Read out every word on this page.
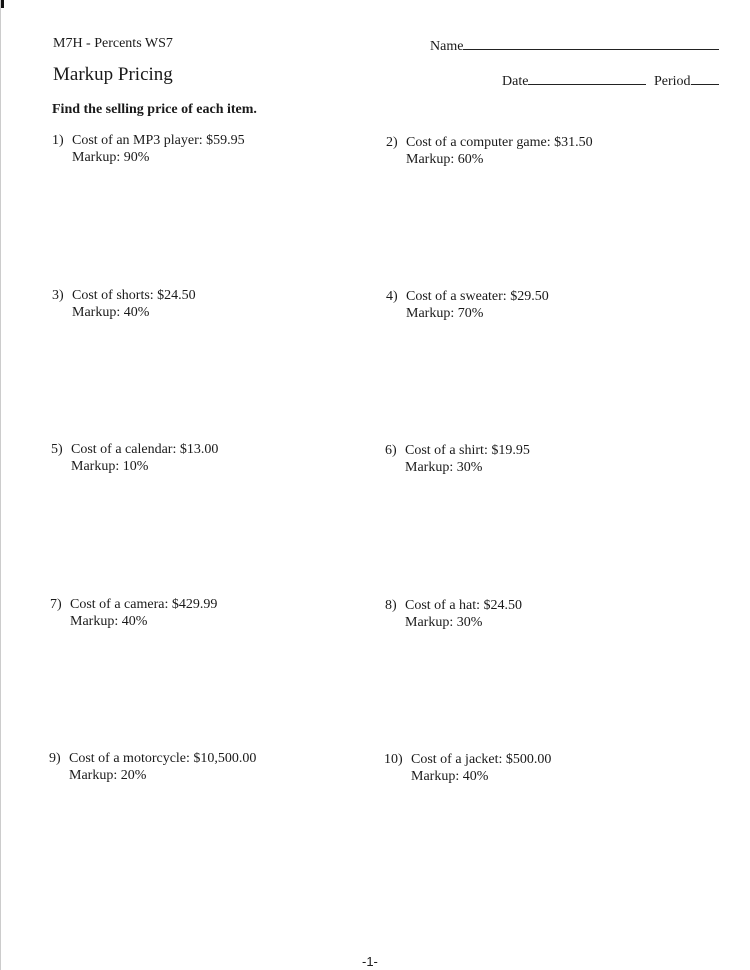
M7H - Percents WS7
Markup Pricing
Find the selling price of each item.
Name
Date	Period
1) Cost of an MP3 player: $59.95
Markup: 90%
2) Cost of a computer game: $31.50
Markup: 60%
3) Cost of shorts: $24.50
Markup: 40%
4) Cost of a sweater: $29.50
Markup: 70%
5) Cost of a calendar: $13.00
Markup: 10%
6) Cost of a shirt: $19.95
Markup: 30%
7) Cost of a camera: $429.99
Markup: 40%
8) Cost of a hat: $24.50
Markup: 30%
9) Cost of a motorcycle: $10,500.00
Markup: 20%
10) Cost of a jacket: $500.00
Markup: 40%
-1-
